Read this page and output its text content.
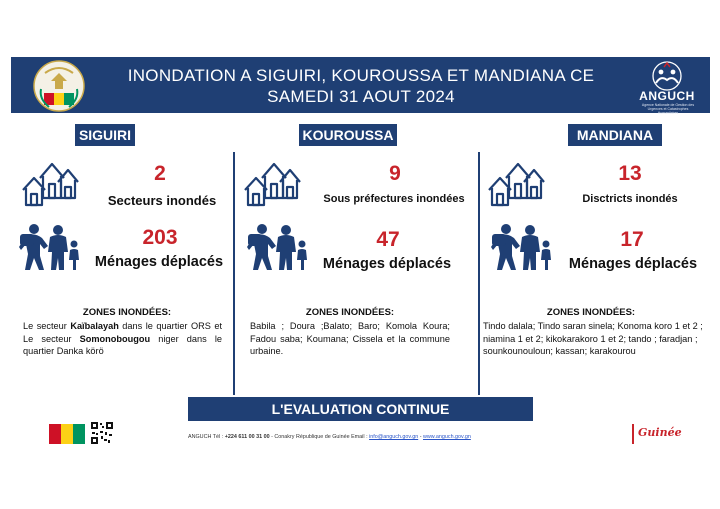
INONDATION A SIGUIRI, KOUROUSSA ET MANDIANA CE
SAMEDI 31 AOUT 2024	ANGUCH
Agence Nationale de Gestion des Urgences et Catastrophes Humanitaires
SIGUIRI	KOUROUSSA	MANDIANA
2
Secteurs inondés
203
Ménages déplacés
ZONES INONDÉES:
Le secteur Kaïbalayah dans le quartier ORS et Le secteur Somonobougou niger dans le quartier Danka körö
9
Sous préfectures inondées
47
Ménages déplacés
ZONES INONDÉES:
Babila ; Doura ;Balato; Baro; Komola Koura; Fadou saba; Koumana; Cissela et la commune urbaine.
13
Disctricts inondés
17
Ménages déplacés
ZONES INONDÉES:
Tindo dalala; Tindo saran sinela; Konoma koro 1 et 2 ; niamina 1 et 2; kikokarakoro 1 et 2; tando ; faradjan ; sounkounouloun; kassan; karakourou
L'EVALUATION CONTINUE
ANGUCH Tél : +224 611 00 31 00 - Conakry République de Guinée Email : info@anguch.gov.gn - www.anguch.gov.gn	Guinée
